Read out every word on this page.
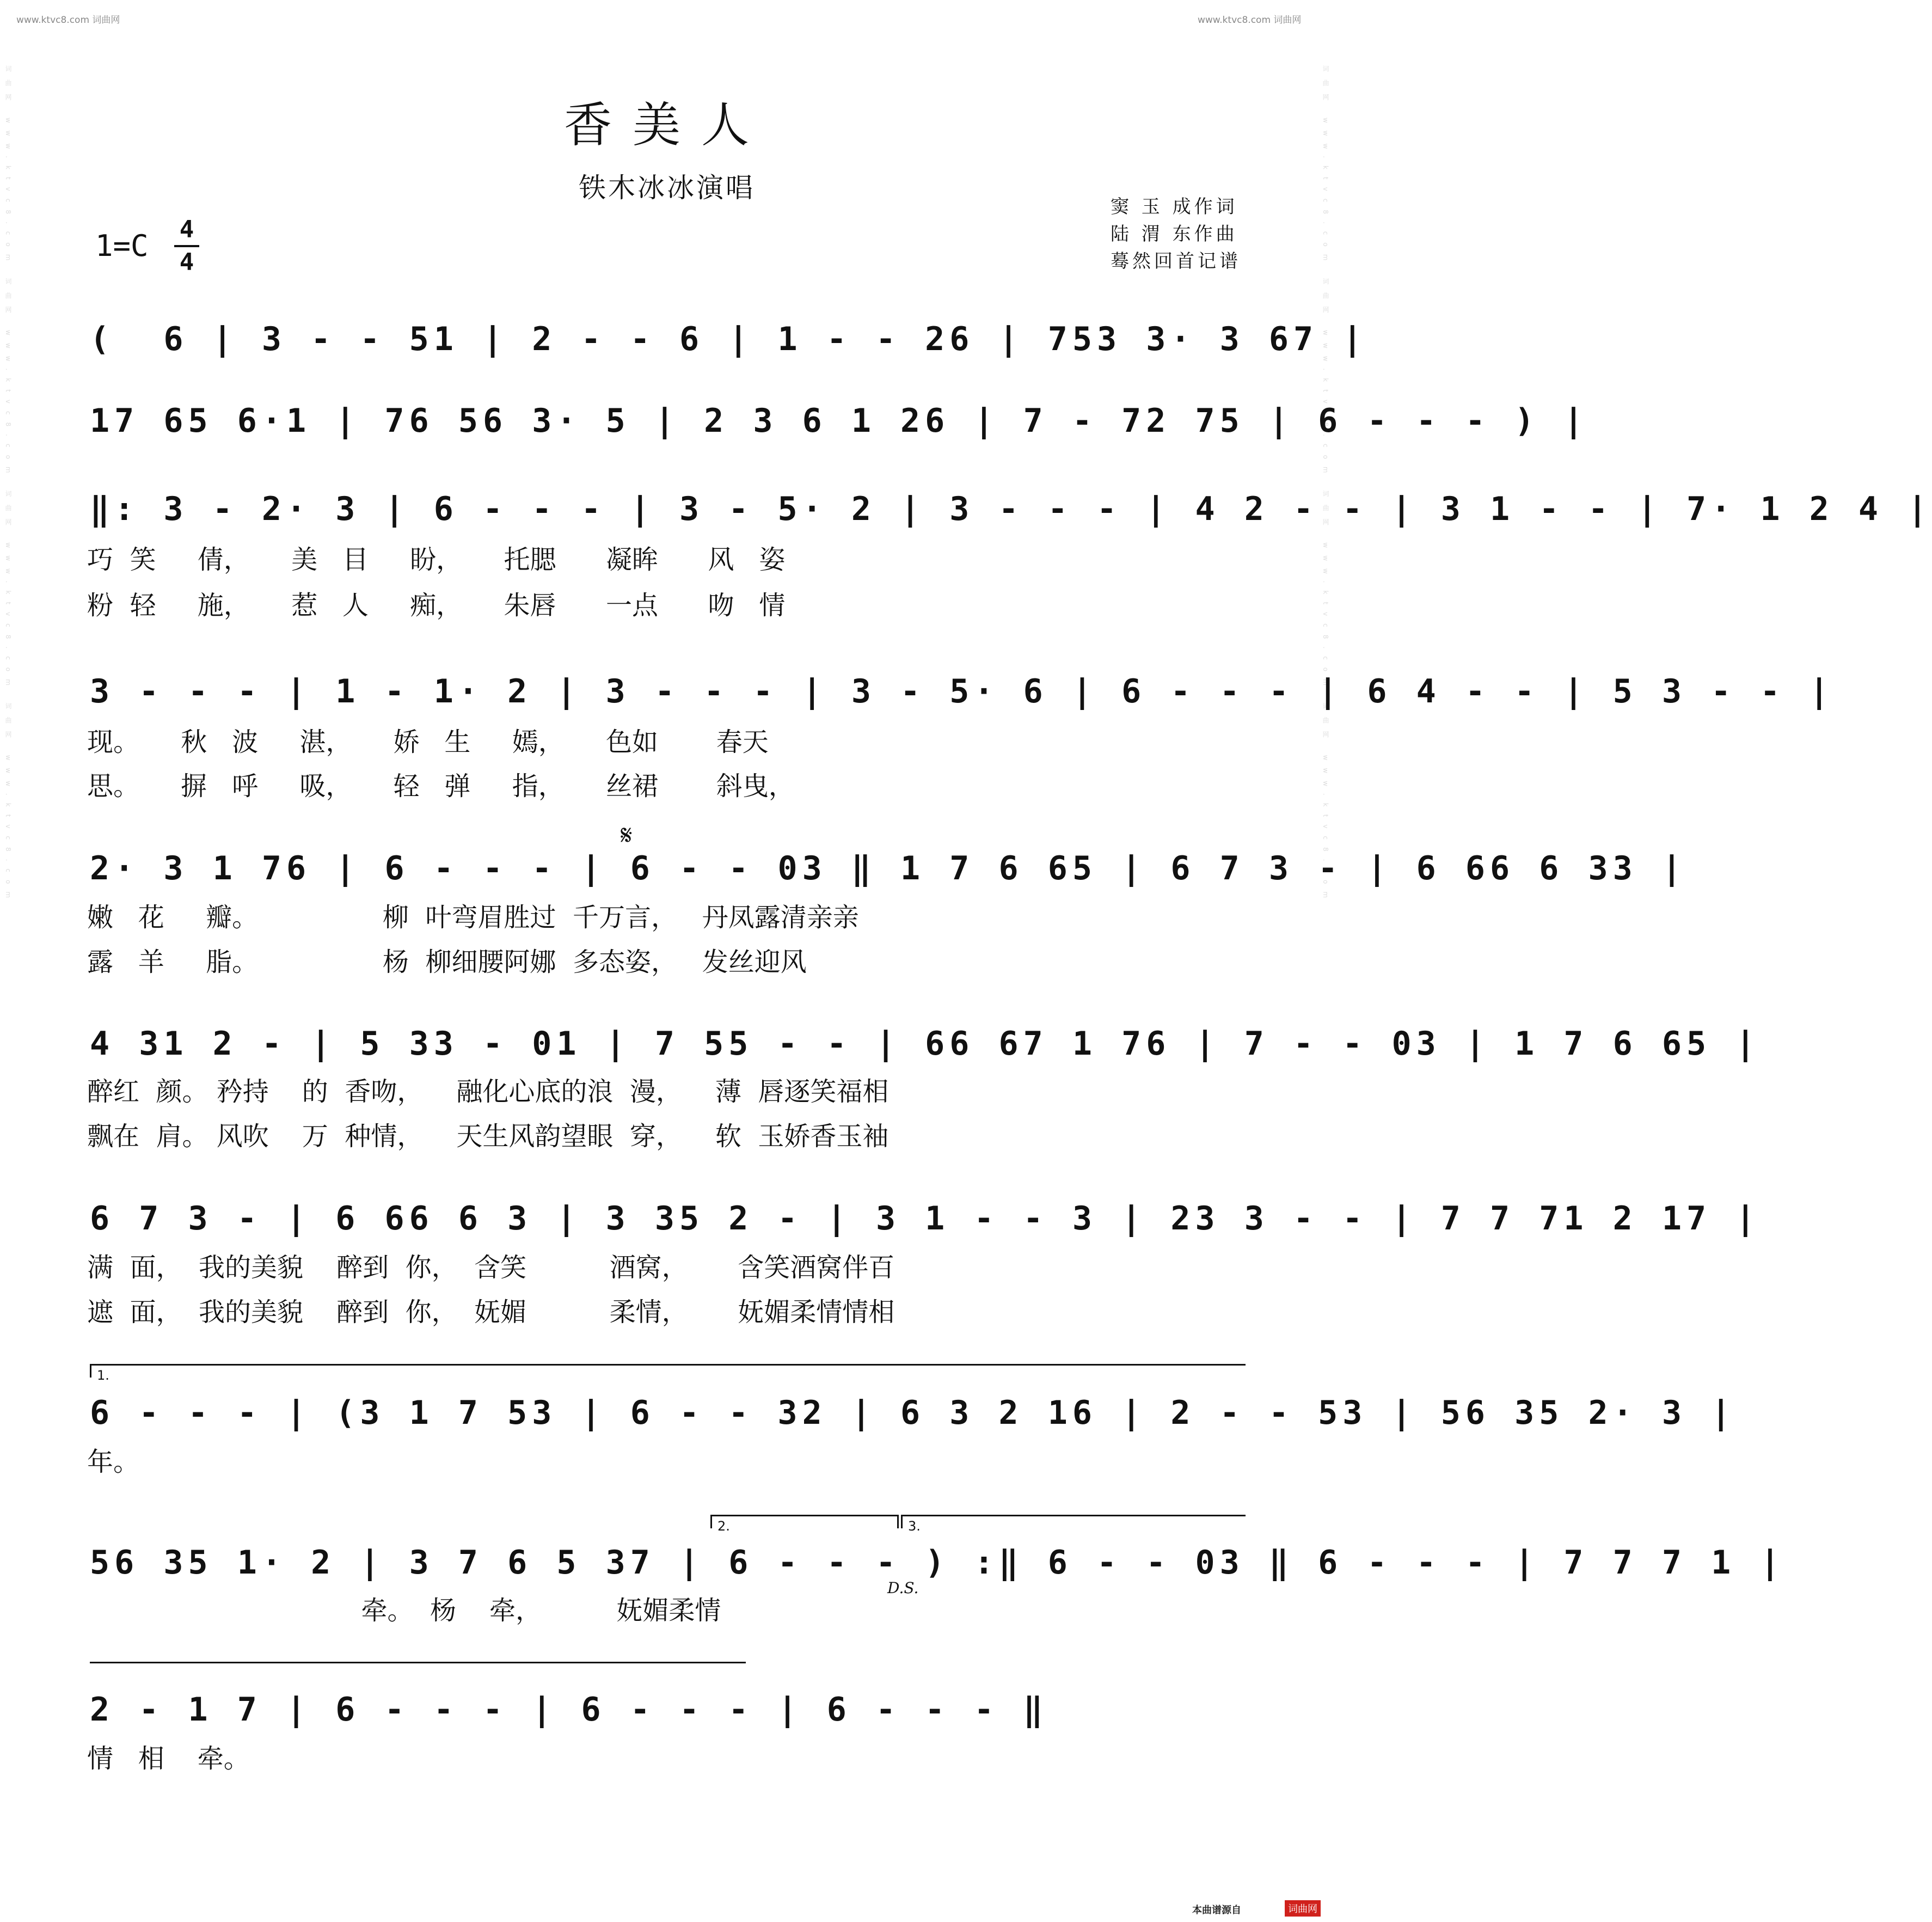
www.ktvc8.com 词曲网	www.ktvc8.com 词曲网
词曲网 www.ktvc8.com 词曲网 www.ktvc8.com 词曲网 www.ktvc8.com 词曲网 www.ktvc8.com	词曲网 www.ktvc8.com 词曲网 www.ktvc8.com 词曲网 www.ktvc8.com 词曲网 www.ktvc8.com
香美人
铁木冰冰演唱
窦 玉 成作词
陆 渭 东作曲
蓦然回首记谱
1=C 4
4
(  6 | 3 - - 51 | 2 - - 6 | 1 - - 26 | 753 3· 3 67 |
17 65 6·1 | 76 56 3· 5 | 2 3 6 1 26 | 7 - 72 75 | 6 - - - ) |
‖: 3 - 2· 3 | 6 - - - | 3 - 5· 2 | 3 - - - | 4 2 - - | 3 1 - - | 7· 1 2 4 |
巧  笑     倩，     美   目     盼，     托腮      凝眸      风   姿
粉  轻     施，     惹   人     痴，     朱唇      一点      吻   情
3 - - - | 1 - 1· 2 | 3 - - - | 3 - 5· 6 | 6 - - - | 6 4 - - | 5 3 - - |
现。     秋   波     湛，     娇   生     嫣，     色如       春天
思。     摒   呼     吸，     轻   弹     指，     丝裙       斜曳，
𝄋
2· 3 1 76 | 6 - - - | 6 - - 03 ‖ 1 7 6 65 | 6 7 3 - | 6 66 6 33 |
嫩   花     瓣。               柳  叶弯眉胜过  千万言，   丹凤露清亲亲
露   羊     脂。               杨  柳细腰阿娜  多态姿，   发丝迎风
4 31 2 - | 5 33 - 01 | 7 55 - - | 66 67 1 76 | 7 - - 03 | 1 7 6 65 |
醉红  颜。 矜持    的  香吻，    融化心底的浪  漫，    薄  唇逐笑福相
飘在  肩。 风吹    万  种情，    天生风韵望眼  穿，    软  玉娇香玉袖
6 7 3 - | 6 66 6 3 | 3 35 2 - | 3 1 - - 3 | 23 3 - - | 7 7 71 2 17 |
满  面，  我的美貌    醉到  你，  含笑          酒窝，      含笑酒窝伴百
遮  面，  我的美貌    醉到  你，  妩媚          柔情，      妩媚柔情情相
1.
6 - - - | (3 1 7 53 | 6 - - 32 | 6 3 2 16 | 2 - - 53 | 56 35 2· 3 |
年。
2.	3.
56 35 1· 2 | 3 7 6 5 37 | 6 - - - ) :‖ 6 - - 03 ‖ 6 - - - | 7 7 7 1 |
D.S.
牵。  杨    牵，         妩媚柔情
2 - 1 7 | 6 - - - | 6 - - - | 6 - - - ‖
情   相    牵。
本曲谱源自	词曲网
